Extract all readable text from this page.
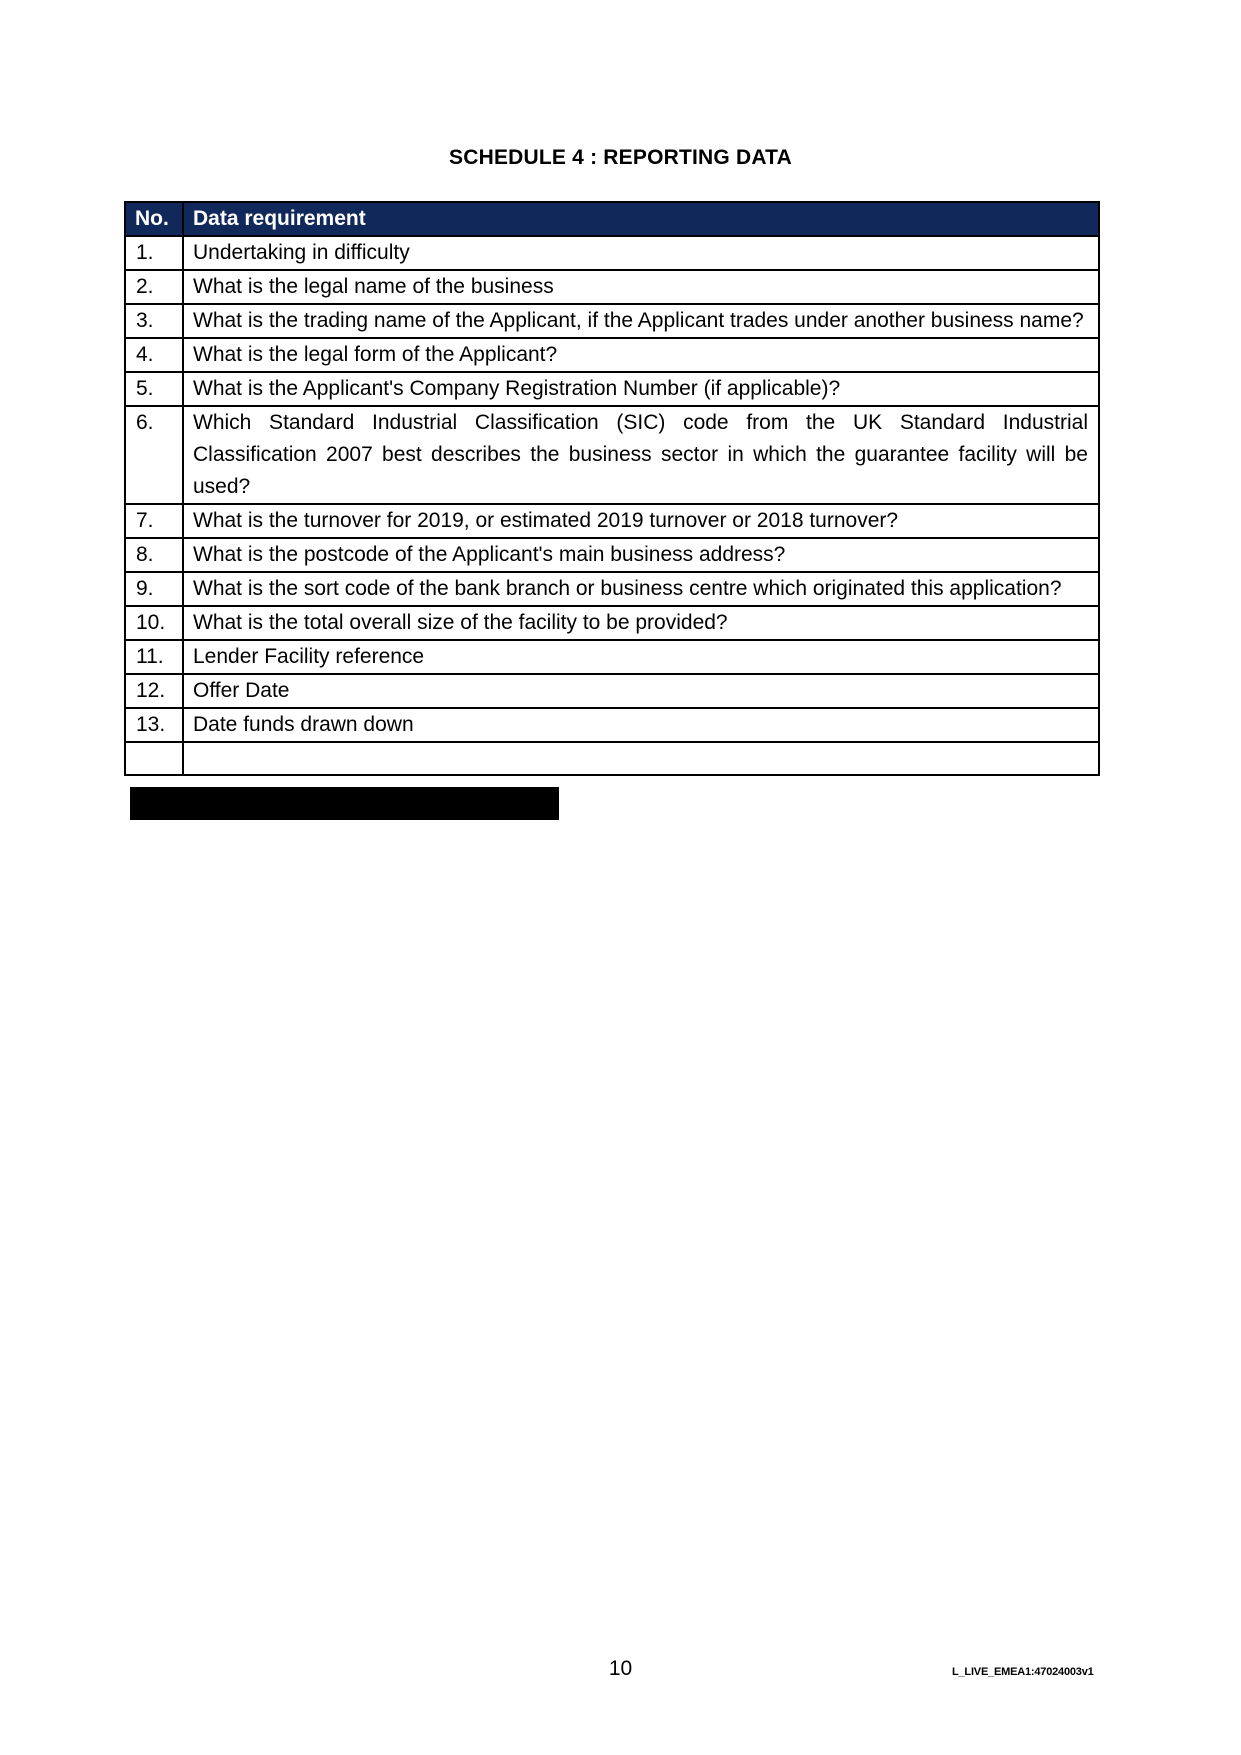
SCHEDULE 4 : REPORTING DATA
No.	Data requirement
1.	Undertaking in difficulty
2.	What is the legal name of the business
3.	What is the trading name of the Applicant, if the Applicant trades under another business name?
4.	What is the legal form of the Applicant?
5.	What is the Applicant's Company Registration Number (if applicable)?
6.	Which Standard Industrial Classification (SIC) code from the UK Standard Industrial Classification 2007 best describes the business sector in which the guarantee facility will be used?
7.	What is the turnover for 2019, or estimated 2019 turnover or 2018 turnover?
8.	What is the postcode of the Applicant's main business address?
9.	What is the sort code of the bank branch or business centre which originated this application?
10.	What is the total overall size of the facility to be provided?
11.	Lender Facility reference
12.	Offer Date
13.	Date funds drawn down

10	L_LIVE_EMEA1:47024003v1
